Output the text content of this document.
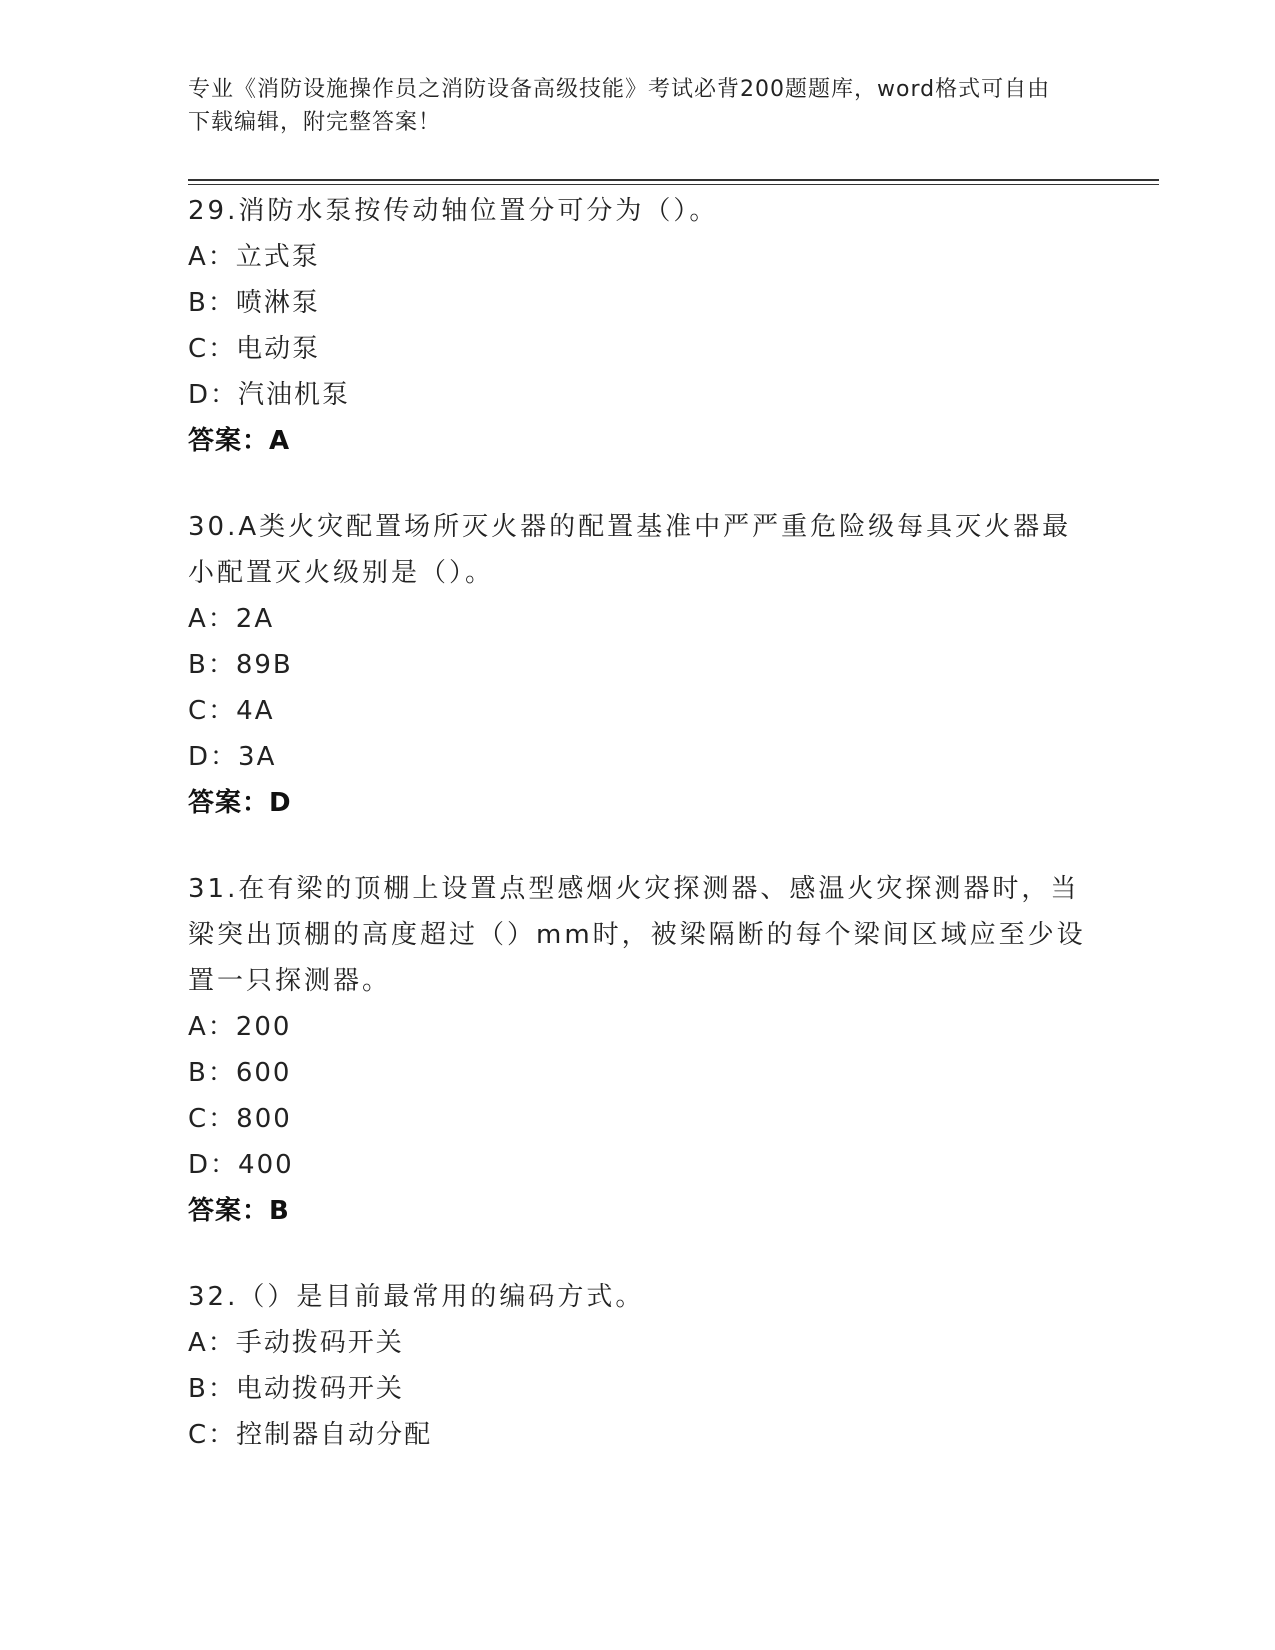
专业《消防设施操作员之消防设备高级技能》考试必背200题题库，word格式可自由下载编辑，附完整答案！
29.消防水泵按传动轴位置分可分为（）。
A：立式泵
B：喷淋泵
C：电动泵
D：汽油机泵
答案：A
30.A类火灾配置场所灭火器的配置基准中严严重危险级每具灭火器最小配置灭火级别是（）。
A：2A
B：89B
C：4A
D：3A
答案：D
31.在有梁的顶棚上设置点型感烟火灾探测器、感温火灾探测器时，当梁突出顶棚的高度超过（）mm时，被梁隔断的每个梁间区域应至少设置一只探测器。
A：200
B：600
C：800
D：400
答案：B
32.（）是目前最常用的编码方式。
A：手动拨码开关
B：电动拨码开关
C：控制器自动分配
